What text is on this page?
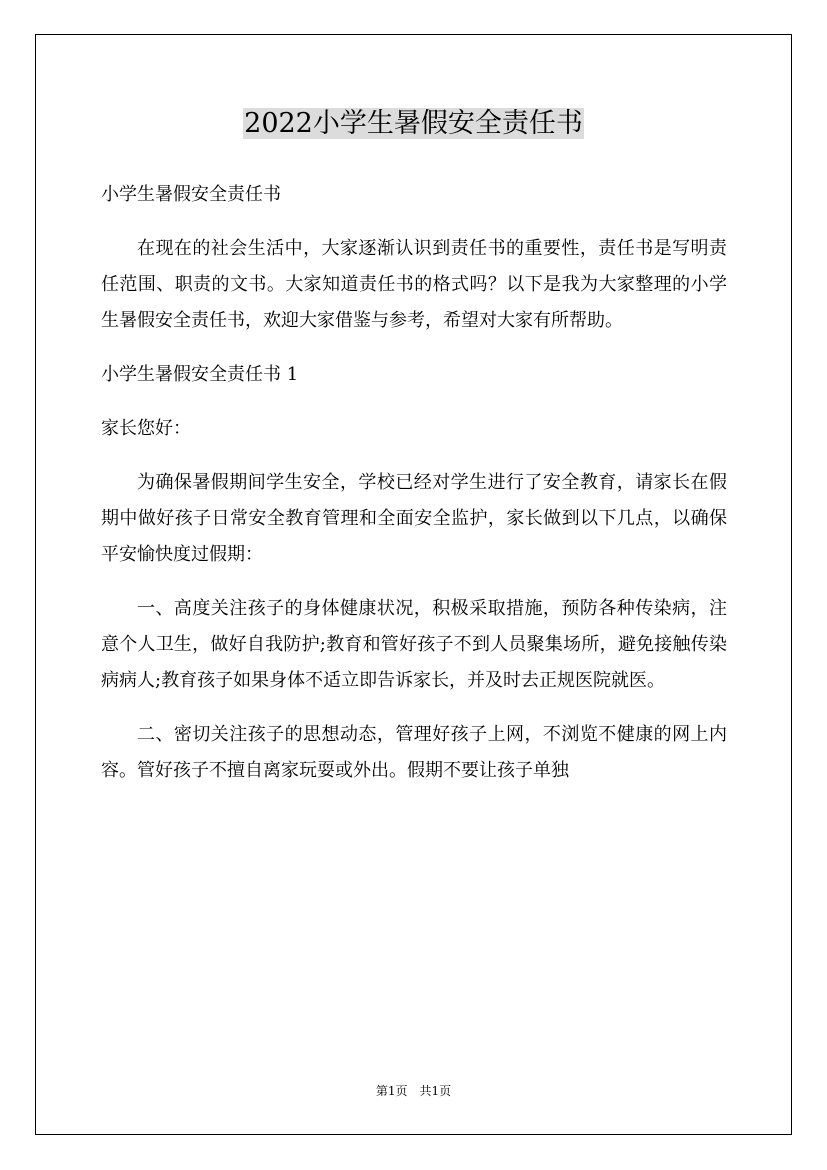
2022小学生暑假安全责任书

小学生暑假安全责任书

在现在的社会生活中，大家逐渐认识到责任书的重要性，责任书是写明责任范围、职责的文书。大家知道责任书的格式吗？以下是我为大家整理的小学生暑假安全责任书，欢迎大家借鉴与参考，希望对大家有所帮助。

小学生暑假安全责任书 1

家长您好：

为确保暑假期间学生安全，学校已经对学生进行了安全教育，请家长在假期中做好孩子日常安全教育管理和全面安全监护，家长做到以下几点，以确保平安愉快度过假期：

一、高度关注孩子的身体健康状况，积极采取措施，预防各种传染病，注意个人卫生，做好自我防护;教育和管好孩子不到人员聚集场所，避免接触传染病病人;教育孩子如果身体不适立即告诉家长，并及时去正规医院就医。

二、密切关注孩子的思想动态，管理好孩子上网，不浏览不健康的网上内容。管好孩子不擅自离家玩耍或外出。假期不要让孩子单独

第1页　共1页
